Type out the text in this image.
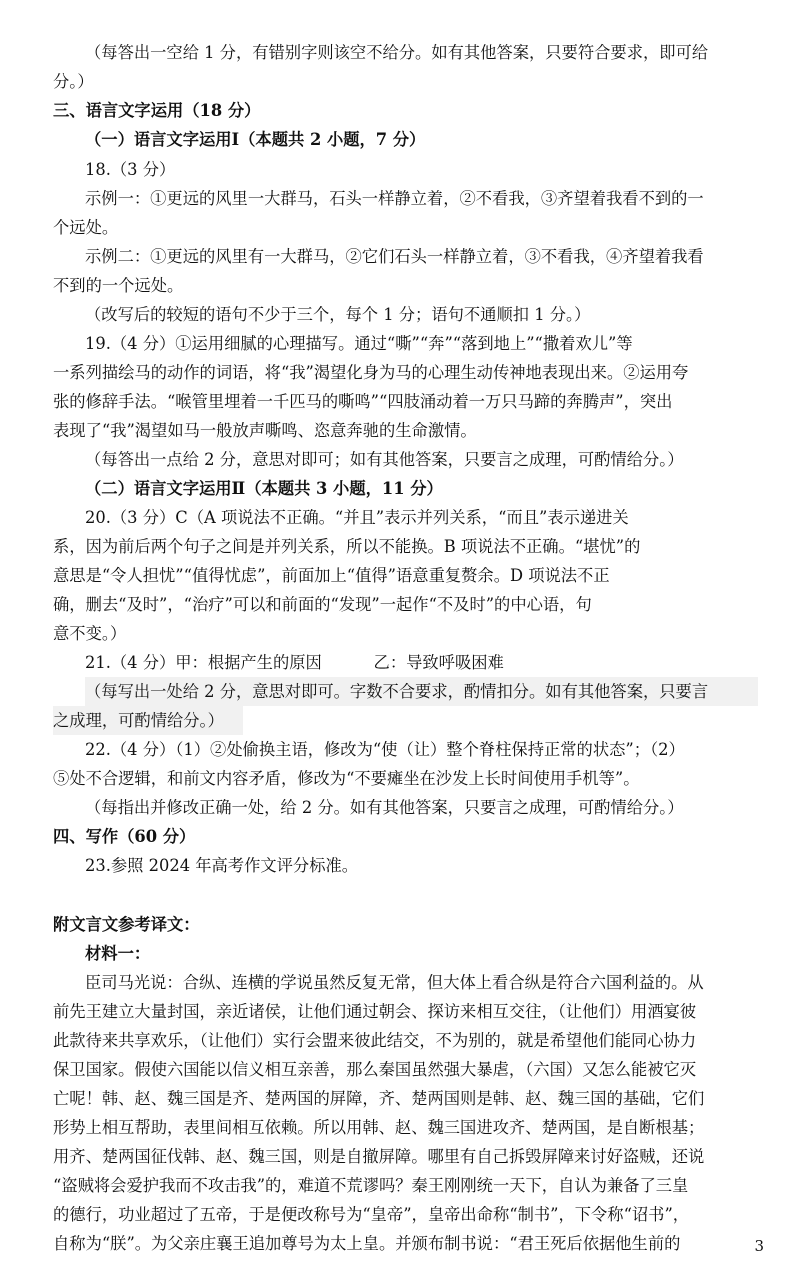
（每答出一空给 1 分，有错别字则该空不给分。如有其他答案，只要符合要求，即可给
分。）
三、语言文字运用（18 分）
（一）语言文字运用Ⅰ（本题共 2 小题，7 分）
18.（3 分）
示例一：①更远的风里一大群马，石头一样静立着，②不看我，③齐望着我看不到的一
个远处。
示例二：①更远的风里有一大群马，②它们石头一样静立着，③不看我，④齐望着我看
不到的一个远处。
（改写后的较短的语句不少于三个，每个 1 分；语句不通顺扣 1 分。）
19.（4 分）①运用细腻的心理描写。通过“嘶”“奔”“落到地上”“撒着欢儿”等
一系列描绘马的动作的词语，将“我”渴望化身为马的心理生动传神地表现出来。②运用夸
张的修辞手法。“喉管里埋着一千匹马的嘶鸣”“四肢涌动着一万只马蹄的奔腾声”，突出
表现了“我”渴望如马一般放声嘶鸣、恣意奔驰的生命激情。
（每答出一点给 2 分，意思对即可；如有其他答案，只要言之成理，可酌情给分。）
（二）语言文字运用Ⅱ（本题共 3 小题，11 分）
20.（3 分）C（A 项说法不正确。“并且”表示并列关系，“而且”表示递进关
系，因为前后两个句子之间是并列关系，所以不能换。B 项说法不正确。“堪忧”的
意思是“令人担忧”“值得忧虑”，前面加上“值得”语意重复赘余。D 项说法不正
确，删去“及时”，“治疗”可以和前面的“发现”一起作“不及时”的中心语，句
意不变。）
21.（4 分）甲：根据产生的原因          乙：导致呼吸困难
（每写出一处给 2 分，意思对即可。字数不合要求，酌情扣分。如有其他答案，只要言
之成理，可酌情给分。）
22.（4 分）（1）②处偷换主语，修改为“使（让）整个脊柱保持正常的状态”；（2）
⑤处不合逻辑，和前文内容矛盾，修改为“不要瘫坐在沙发上长时间使用手机等”。
（每指出并修改正确一处，给 2 分。如有其他答案，只要言之成理，可酌情给分。）
四、写作（60 分）
23.参照 2024 年高考作文评分标准。
附文言文参考译文：
材料一：
臣司马光说：合纵、连横的学说虽然反复无常，但大体上看合纵是符合六国利益的。从
前先王建立大量封国，亲近诸侯，让他们通过朝会、探访来相互交往，（让他们）用酒宴彼
此款待来共享欢乐，（让他们）实行会盟来彼此结交，不为别的，就是希望他们能同心协力
保卫国家。假使六国能以信义相互亲善，那么秦国虽然强大暴虐，（六国）又怎么能被它灭
亡呢！韩、赵、魏三国是齐、楚两国的屏障，齐、楚两国则是韩、赵、魏三国的基础，它们
形势上相互帮助，表里间相互依赖。所以用韩、赵、魏三国进攻齐、楚两国，是自断根基；
用齐、楚两国征伐韩、赵、魏三国，则是自撤屏障。哪里有自己拆毁屏障来讨好盗贼，还说
“盗贼将会爱护我而不攻击我”的，难道不荒谬吗？秦王刚刚统一天下，自认为兼备了三皇
的德行，功业超过了五帝，于是便改称号为“皇帝”，皇帝出命称“制书”，下令称“诏书”，
自称为“朕”。为父亲庄襄王追加尊号为太上皇。并颁布制书说：“君王死后依据他生前的	3
